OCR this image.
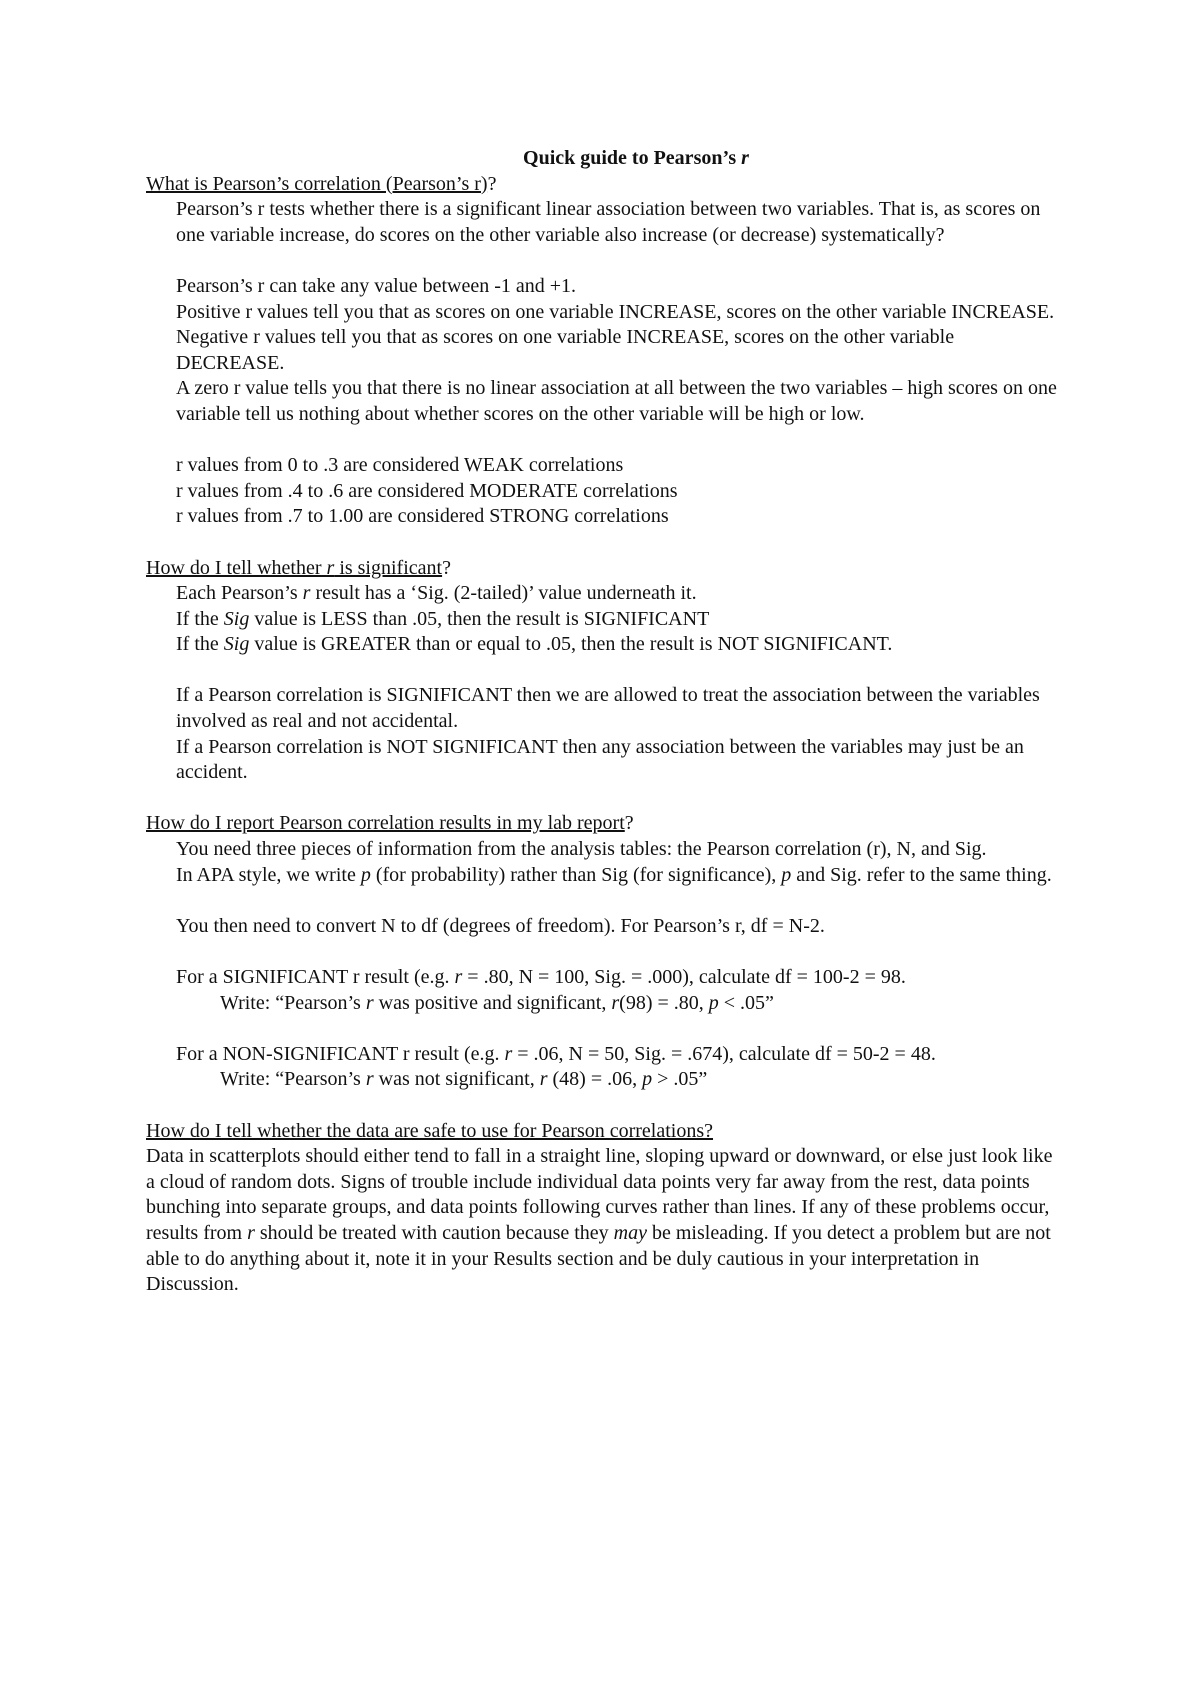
Quick guide to Pearson’s r

What is Pearson’s correlation (Pearson’s r)?

Pearson’s r tests whether there is a significant linear association between two variables. That is, as scores on one variable increase, do scores on the other variable also increase (or decrease) systematically?

Pearson’s r can take any value between -1 and +1.

Positive r values tell you that as scores on one variable INCREASE, scores on the other variable INCREASE.

Negative r values tell you that as scores on one variable INCREASE, scores on the other variable DECREASE.

A zero r value tells you that there is no linear association at all between the two variables – high scores on one variable tell us nothing about whether scores on the other variable will be high or low.

r values from 0 to .3 are considered WEAK correlations

r values from .4 to .6 are considered MODERATE correlations

r values from .7 to 1.00 are considered STRONG correlations

How do I tell whether r is significant?

Each Pearson’s r result has a ‘Sig. (2-tailed)’ value underneath it.

If the Sig value is LESS than .05, then the result is SIGNIFICANT

If the Sig value is GREATER than or equal to .05, then the result is NOT SIGNIFICANT.

If a Pearson correlation is SIGNIFICANT then we are allowed to treat the association between the variables involved as real and not accidental.

If a Pearson correlation is NOT SIGNIFICANT then any association between the variables may just be an accident.

How do I report Pearson correlation results in my lab report?

You need three pieces of information from the analysis tables: the Pearson correlation (r), N, and Sig.

In APA style, we write p (for probability) rather than Sig (for significance), p and Sig. refer to the same thing.

You then need to convert N to df (degrees of freedom). For Pearson’s r, df = N-2.

For a SIGNIFICANT r result (e.g. r = .80, N = 100, Sig. = .000), calculate df = 100-2 = 98.

Write: “Pearson’s r was positive and significant, r(98) = .80, p < .05”

For a NON-SIGNIFICANT r result (e.g. r = .06, N = 50, Sig. = .674), calculate df = 50-2 = 48.

Write: “Pearson’s r was not significant, r (48) = .06, p > .05”

How do I tell whether the data are safe to use for Pearson correlations?

Data in scatterplots should either tend to fall in a straight line, sloping upward or downward, or else just look like a cloud of random dots. Signs of trouble include individual data points very far away from the rest, data points bunching into separate groups, and data points following curves rather than lines. If any of these problems occur, results from r should be treated with caution because they may be misleading. If you detect a problem but are not able to do anything about it, note it in your Results section and be duly cautious in your interpretation in Discussion.
